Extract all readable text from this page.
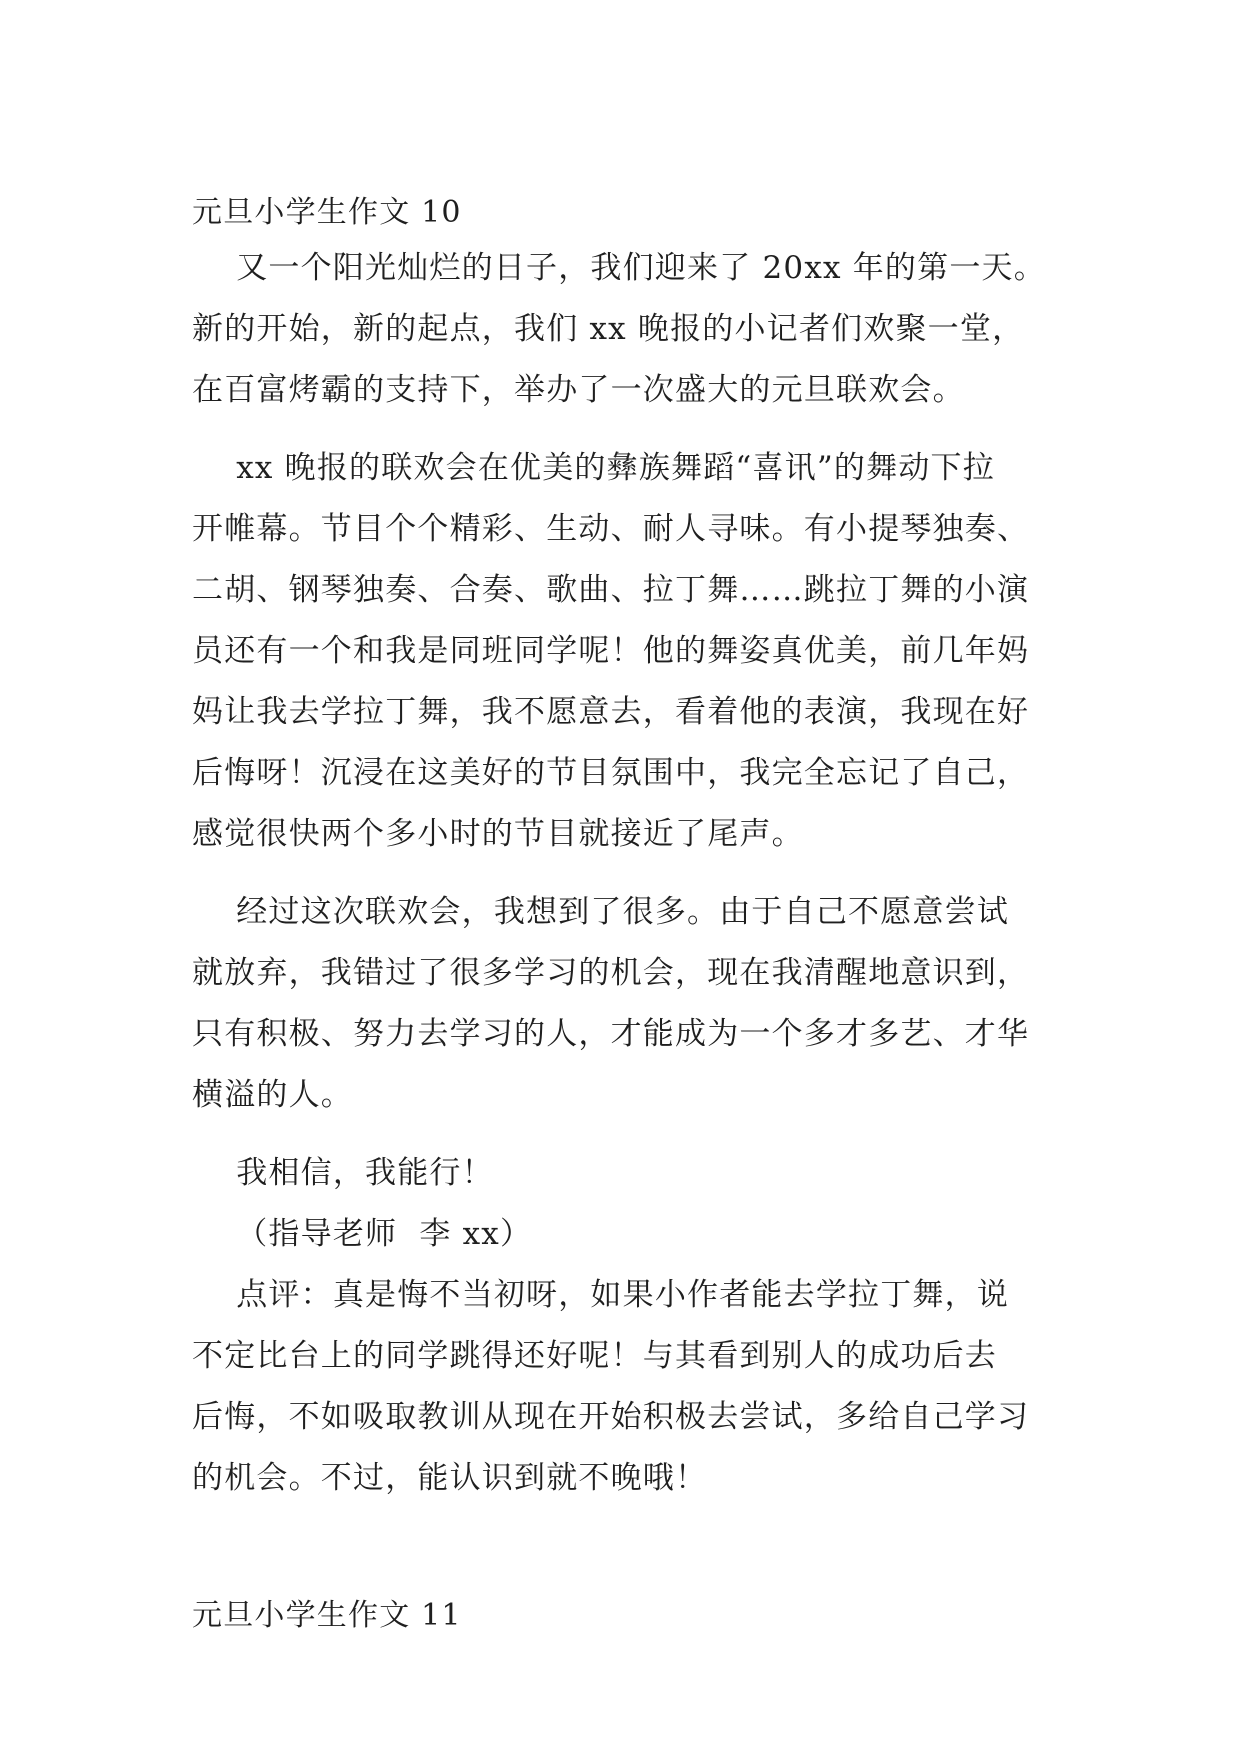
元旦小学生作文 10
又一个阳光灿烂的日子，我们迎来了 20xx 年的第一天。
新的开始，新的起点，我们 xx 晚报的小记者们欢聚一堂，
在百富烤霸的支持下，举办了一次盛大的元旦联欢会。
xx 晚报的联欢会在优美的彝族舞蹈“喜讯”的舞动下拉
开帷幕。节目个个精彩、生动、耐人寻味。有小提琴独奏、
二胡、钢琴独奏、合奏、歌曲、拉丁舞……跳拉丁舞的小演
员还有一个和我是同班同学呢！他的舞姿真优美，前几年妈
妈让我去学拉丁舞，我不愿意去，看着他的表演，我现在好
后悔呀！沉浸在这美好的节目氛围中，我完全忘记了自己，
感觉很快两个多小时的节目就接近了尾声。
经过这次联欢会，我想到了很多。由于自己不愿意尝试
就放弃，我错过了很多学习的机会，现在我清醒地意识到，
只有积极、努力去学习的人，才能成为一个多才多艺、才华
横溢的人。
我相信，我能行！
（指导老师  李 xx）
点评：真是悔不当初呀，如果小作者能去学拉丁舞，说
不定比台上的同学跳得还好呢！与其看到别人的成功后去
后悔，不如吸取教训从现在开始积极去尝试，多给自己学习
的机会。不过，能认识到就不晚哦！
元旦小学生作文 11
